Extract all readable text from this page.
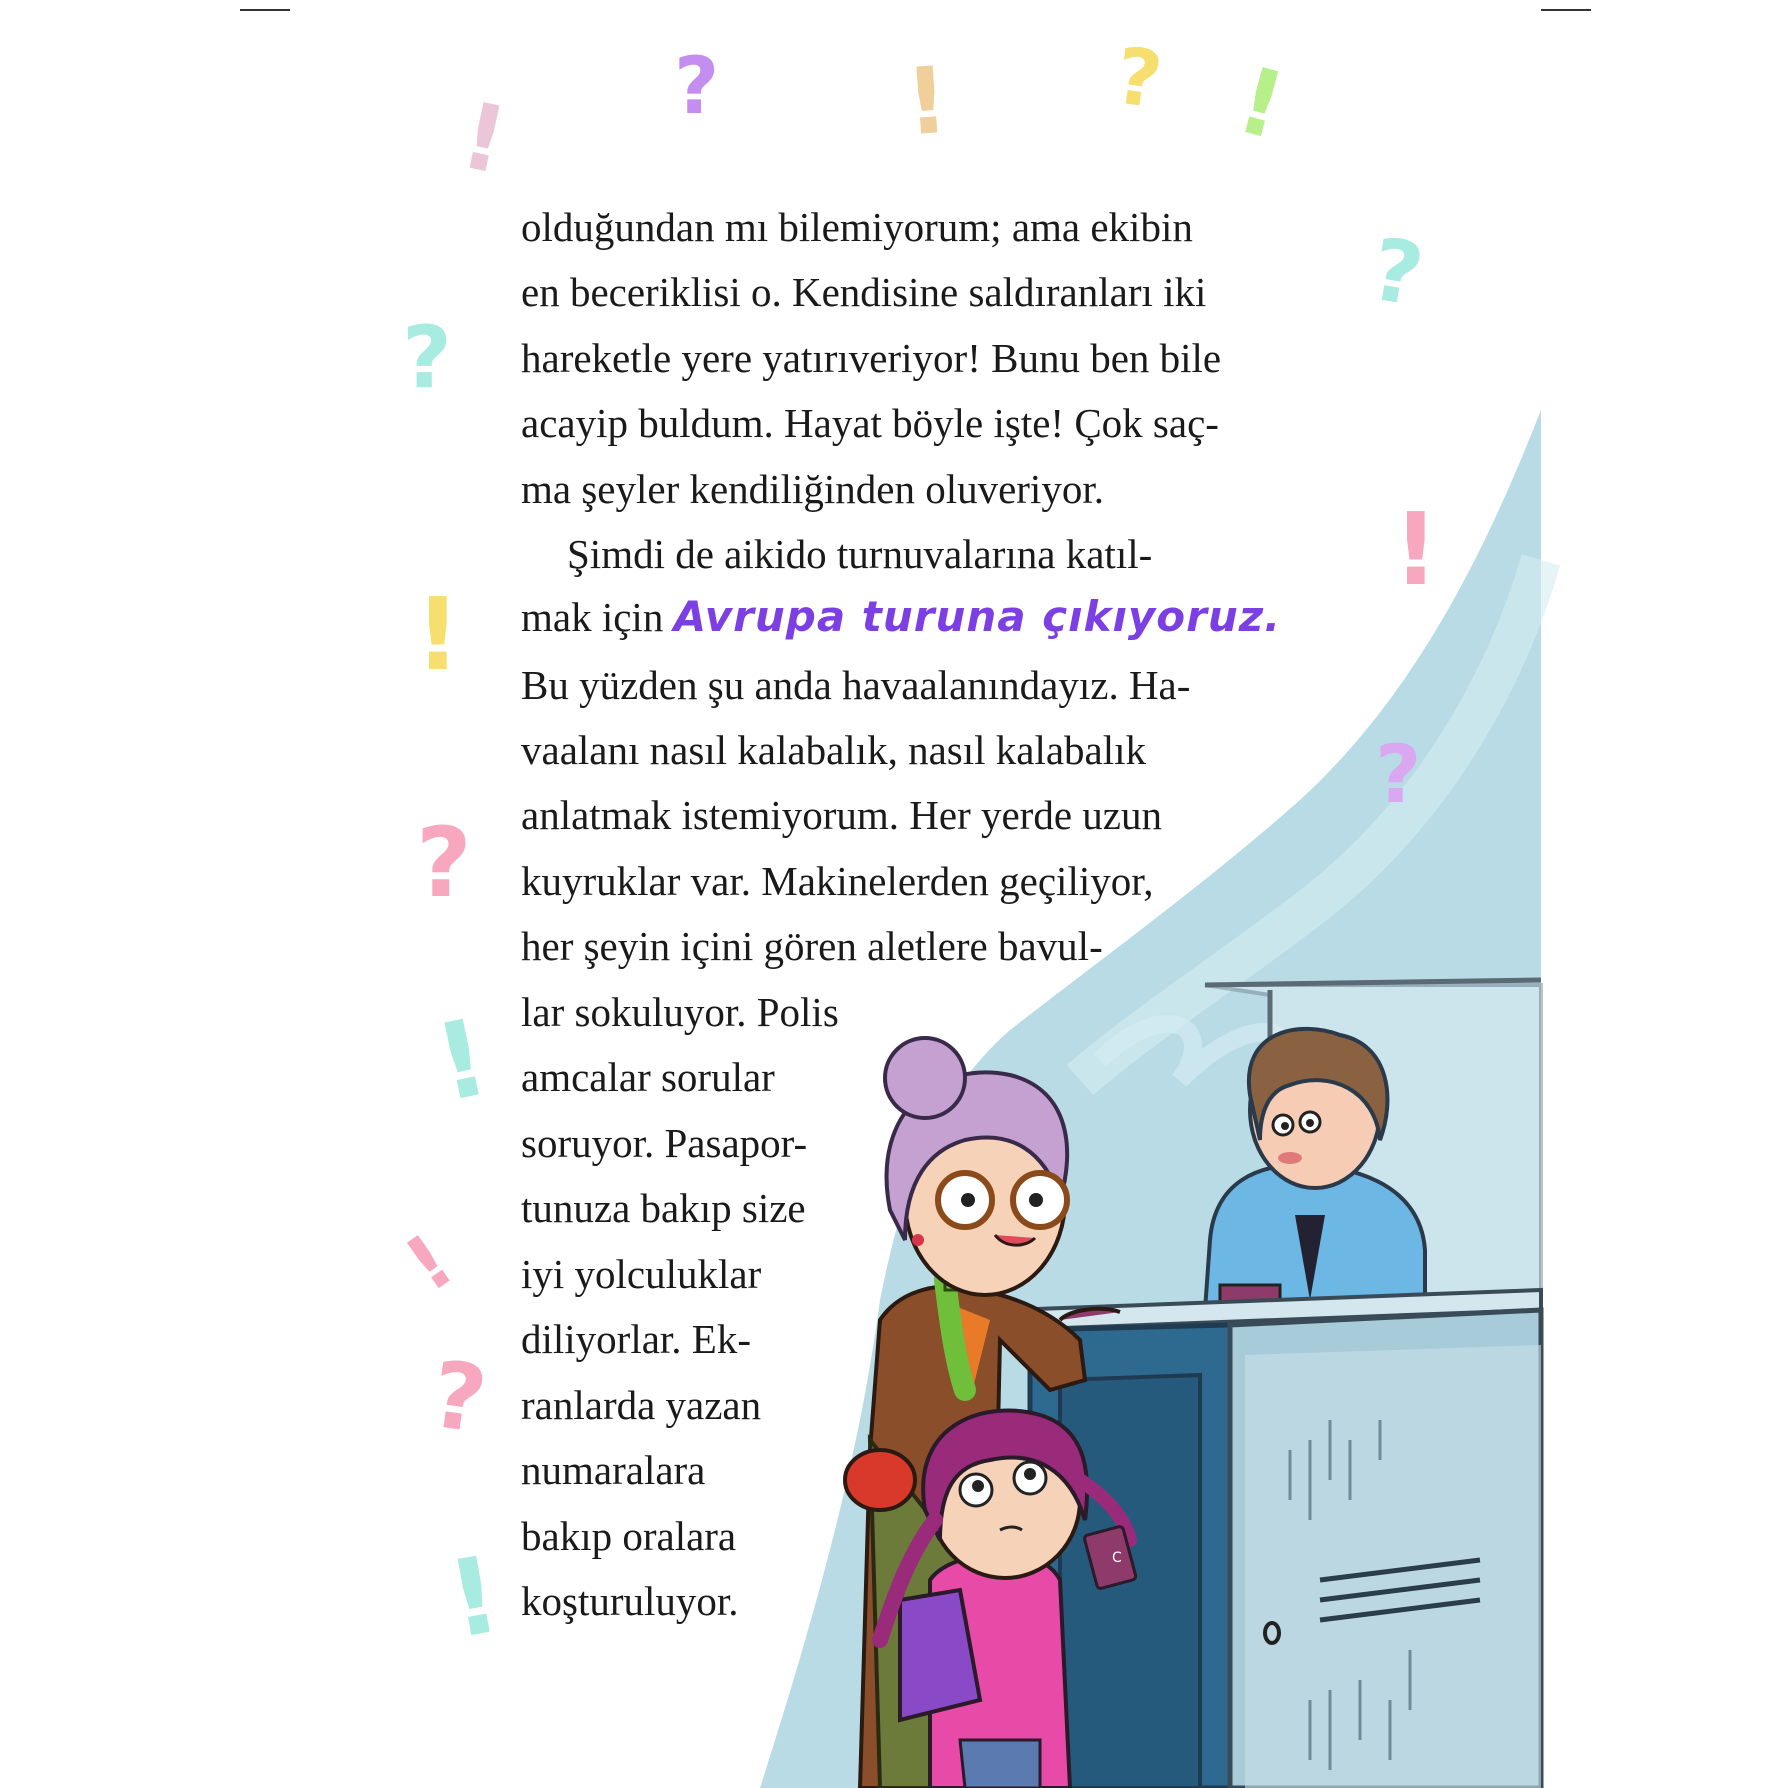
C
! ? ! ? !
?
?
!
!
?
?
!
?
!
!
olduğundan mı bilemiyorum; ama ekibin
en beceriklisi o. Kendisine saldıranları iki
hareketle yere yatırıveriyor! Bunu ben bile
acayip buldum. Hayat böyle işte! Çok saç-
ma şeyler kendiliğinden oluveriyor.
Şimdi de aikido turnuvalarına katıl-
mak için Avrupa turuna çıkıyoruz.
Bu yüzden şu anda havaalanındayız. Ha-
vaalanı nasıl kalabalık, nasıl kalabalık
anlatmak istemiyorum. Her yerde uzun
kuyruklar var. Makinelerden geçiliyor,
her şeyin içini gören aletlere bavul-
lar sokuluyor. Polis
amcalar sorular
soruyor. Pasapor-
tunuza bakıp size
iyi yolculuklar
diliyorlar. Ek-
ranlarda yazan
numaralara
bakıp oralara
koşturuluyor.
